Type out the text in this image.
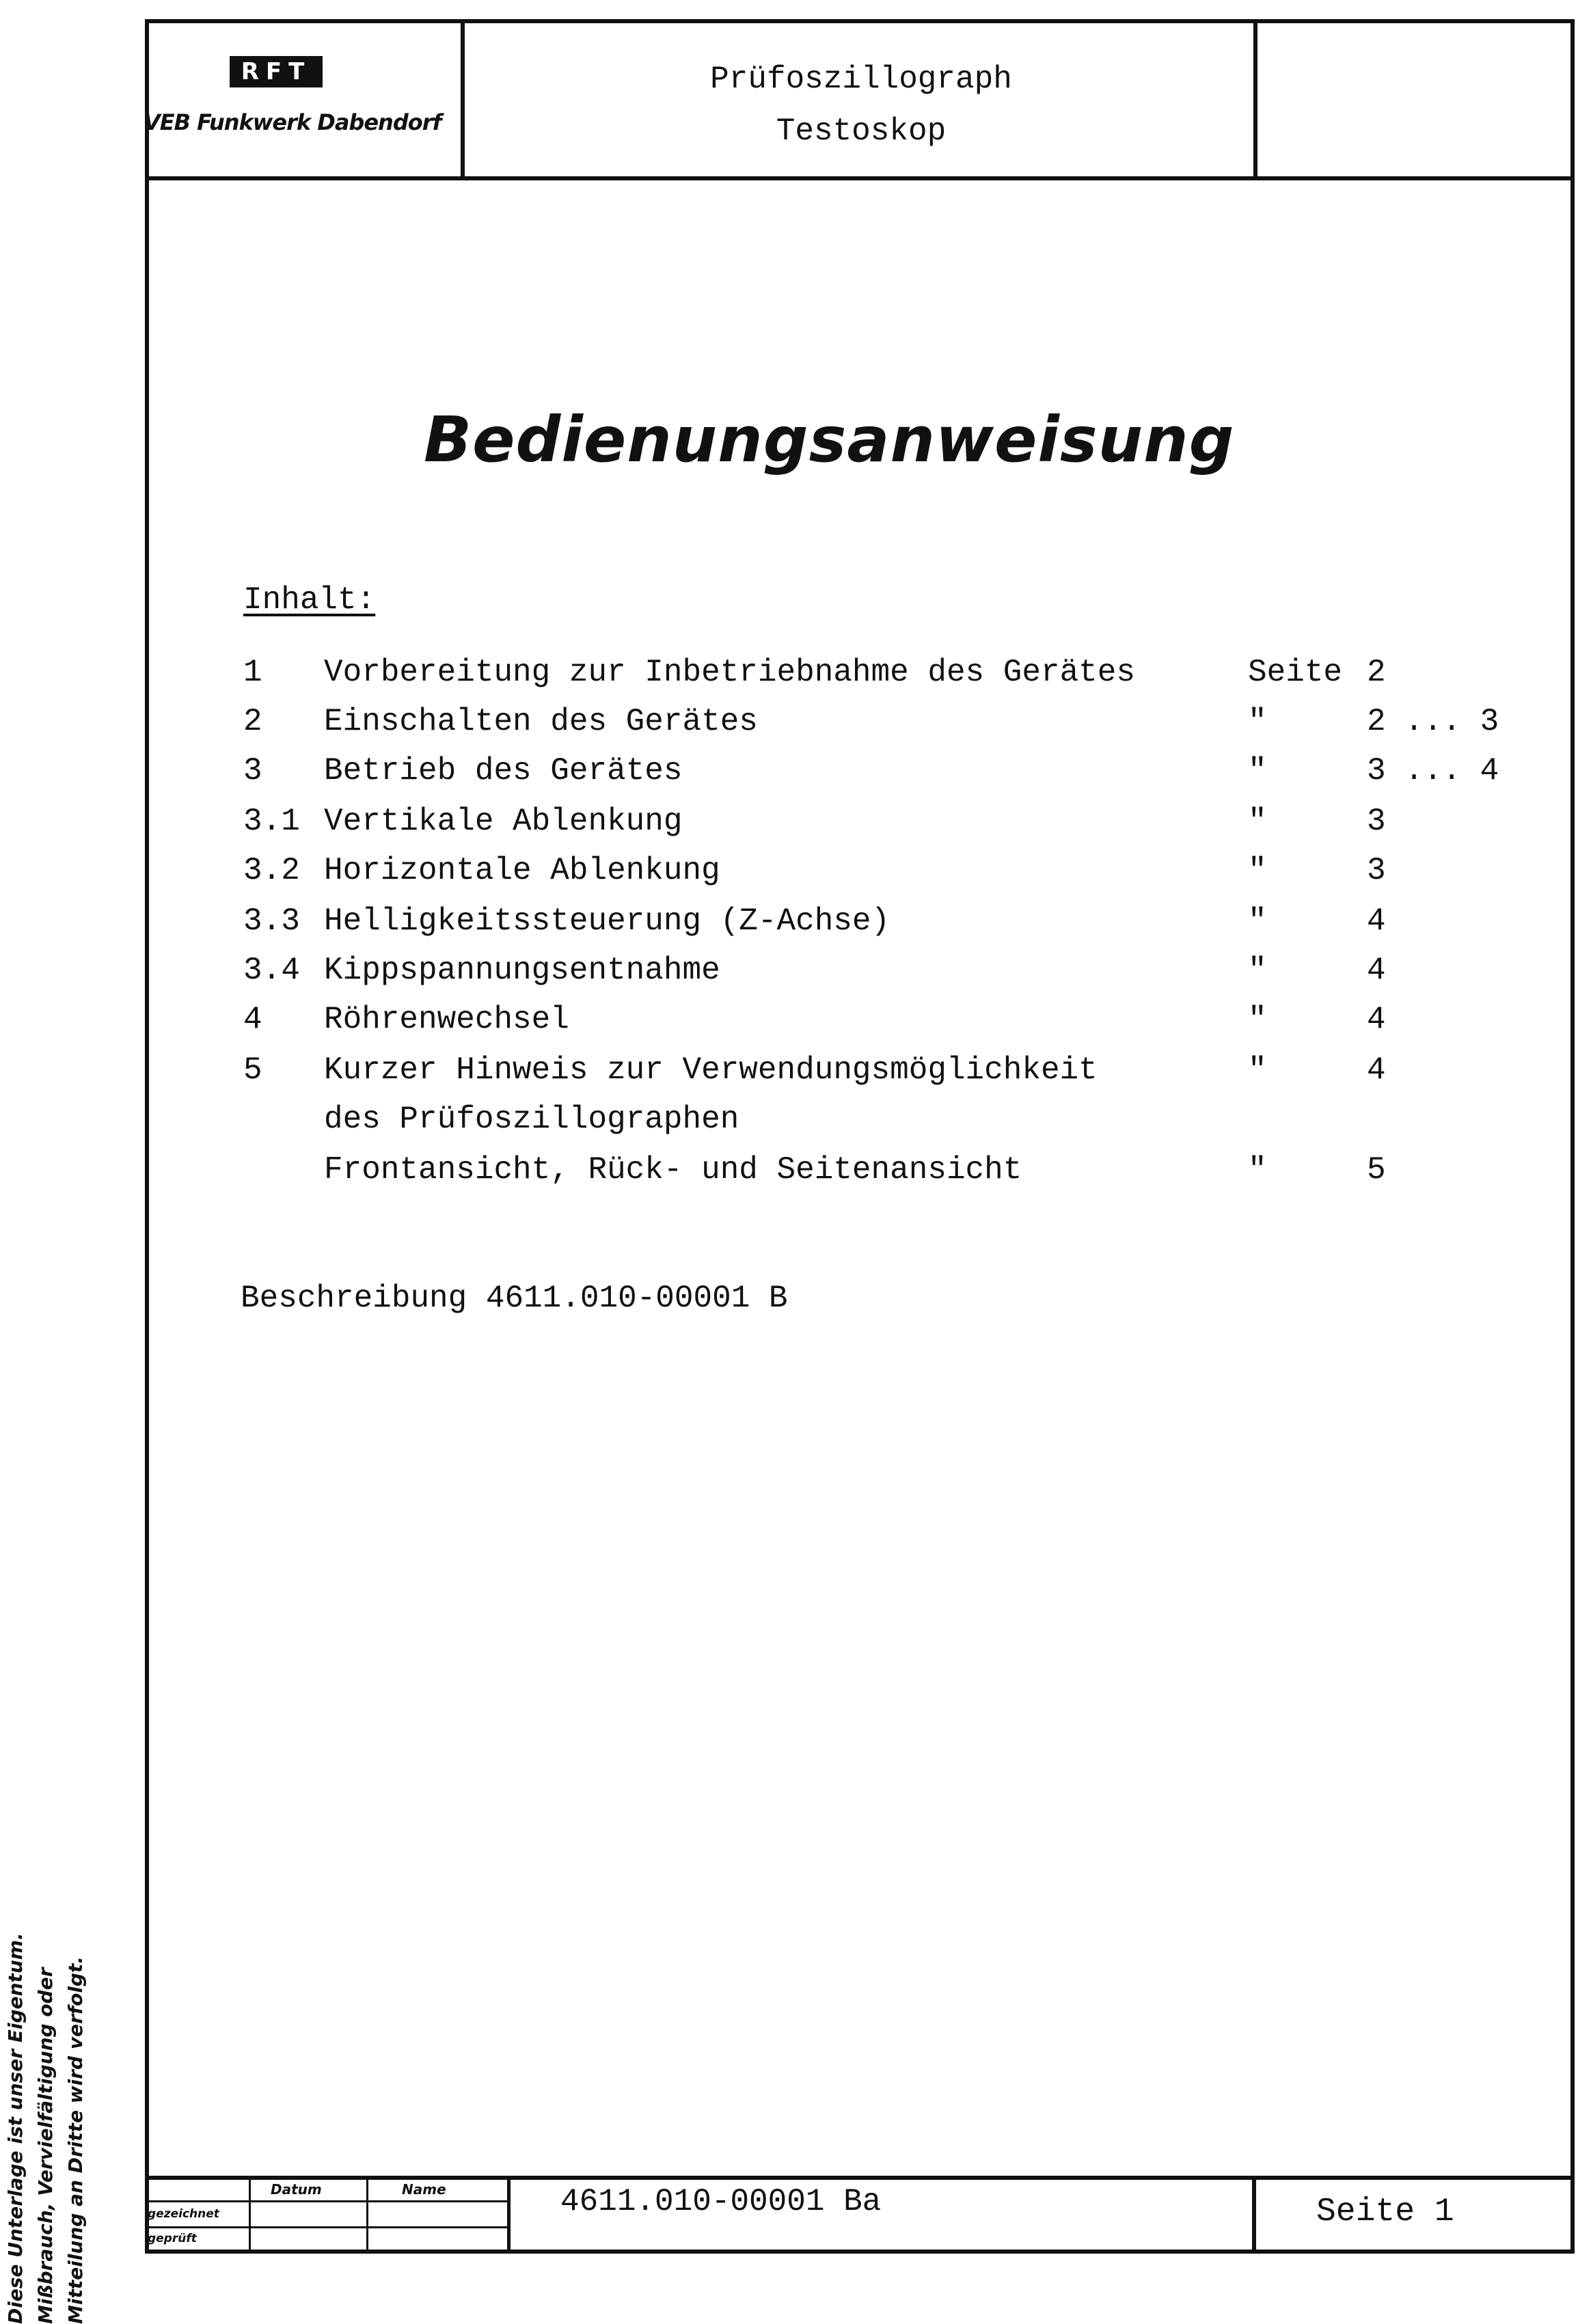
RFT
VEB Funkwerk Dabendorf
Prüfoszillograph
Testoskop
Bedienungsanweisung
Inhalt:
1 Vorbereitung zur Inbetriebnahme des Gerätes	Seite 2
2 Einschalten des Gerätes	"	2 ... 3
3 Betrieb des Gerätes	"	3 ... 4
3.1 Vertikale Ablenkung	"	3
3.2 Horizontale Ablenkung	"	3
3.3 Helligkeitssteuerung (Z-Achse)	"	4
3.4 Kippspannungsentnahme	"	4
4 Röhrenwechsel	"	4
5 Kurzer Hinweis zur Verwendungsmöglichkeit	"	4
des Prüfoszillographen
Frontansicht, Rück- und Seitenansicht	"	5
Beschreibung 4611.010-00001 B
Diese Unterlage ist unser Eigentum.
Mißbrauch, Vervielfältigung oder
Mitteilung an Dritte wird verfolgt.
Datum	Name
gezeichnet
geprüft
4611.010-00001 Ba	Seite 1
